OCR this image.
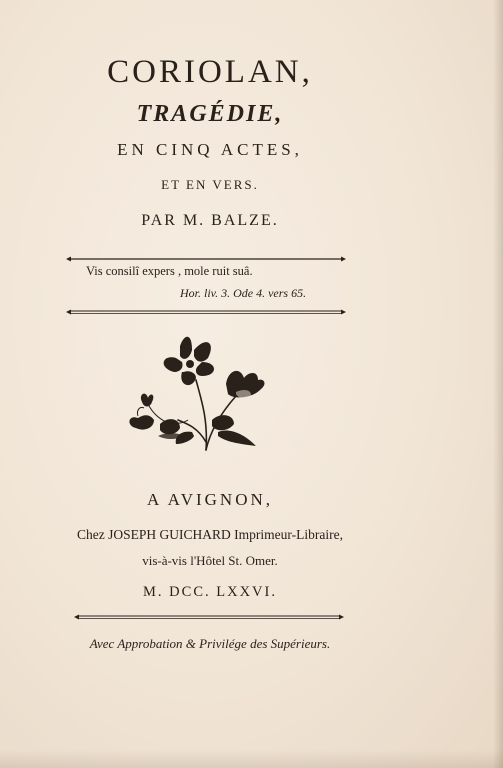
CORIOLAN,
TRAGÉDIE,
EN CINQ ACTES,
ET EN VERS.
PAR M. BALZE.
Vis consilî expers , mole ruit suâ.
Hor. liv. 3. Ode 4. vers 65.
A AVIGNON,
Chez JOSEPH GUICHARD Imprimeur-Libraire,
vis-à-vis l'Hôtel St. Omer.
M. DCC. LXXVI.
Avec Approbation & Privilége des Supérieurs.
